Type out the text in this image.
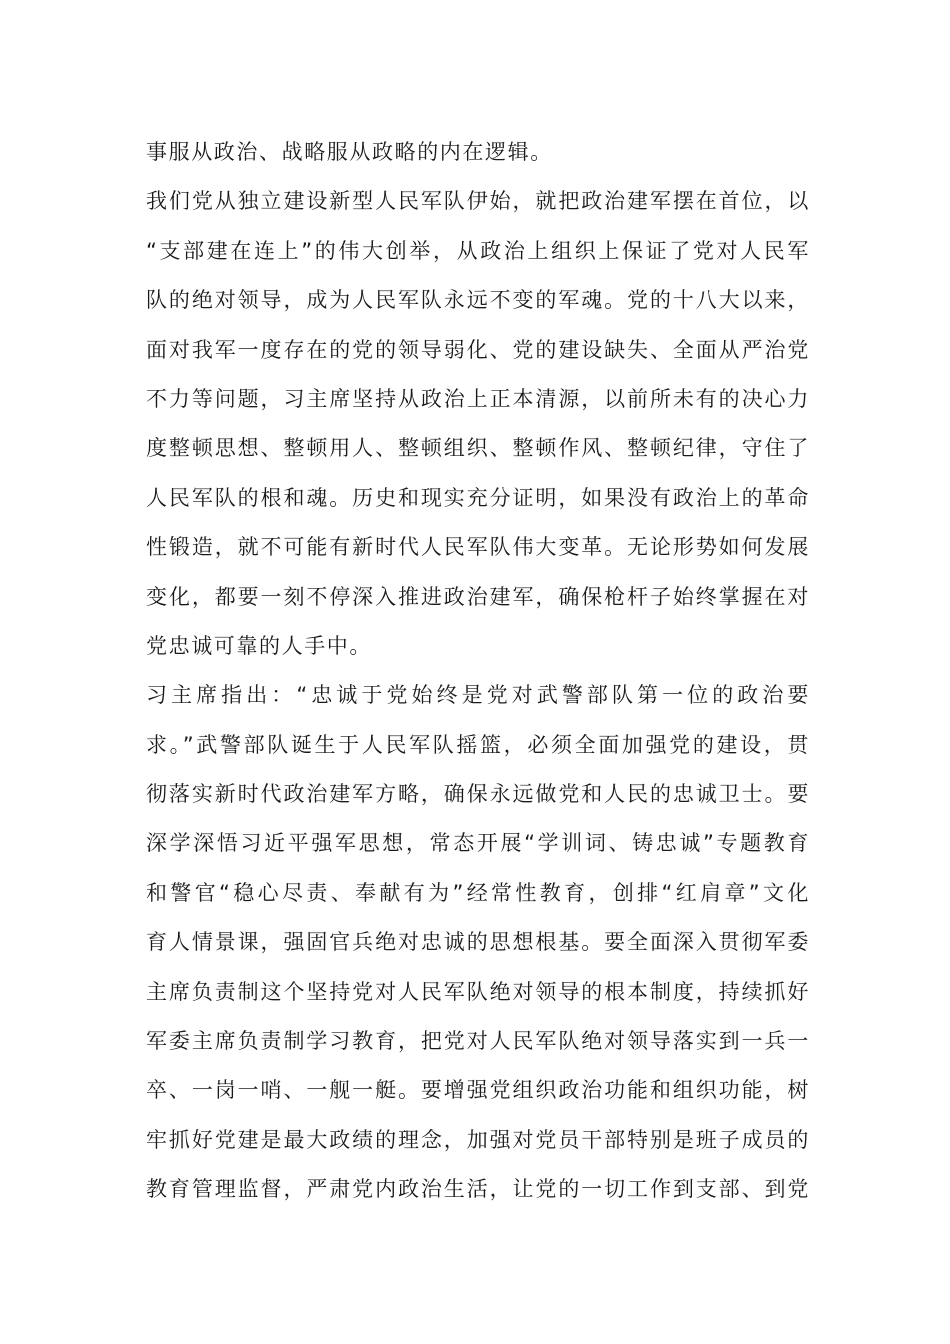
事服从政治、战略服从政略的内在逻辑。
我们党从独立建设新型人民军队伊始，就把政治建军摆在首位，以
“支部建在连上”的伟大创举，从政治上组织上保证了党对人民军
队的绝对领导，成为人民军队永远不变的军魂。党的十八大以来，
面对我军一度存在的党的领导弱化、党的建设缺失、全面从严治党
不力等问题，习主席坚持从政治上正本清源，以前所未有的决心力
度整顿思想、整顿用人、整顿组织、整顿作风、整顿纪律，守住了
人民军队的根和魂。历史和现实充分证明，如果没有政治上的革命
性锻造，就不可能有新时代人民军队伟大变革。无论形势如何发展
变化，都要一刻不停深入推进政治建军，确保枪杆子始终掌握在对
党忠诚可靠的人手中。
习主席指出：“忠诚于党始终是党对武警部队第一位的政治要
求。”武警部队诞生于人民军队摇篮，必须全面加强党的建设，贯
彻落实新时代政治建军方略，确保永远做党和人民的忠诚卫士。要
深学深悟习近平强军思想，常态开展“学训词、铸忠诚”专题教育
和警官“稳心尽责、奉献有为”经常性教育，创排“红肩章”文化
育人情景课，强固官兵绝对忠诚的思想根基。要全面深入贯彻军委
主席负责制这个坚持党对人民军队绝对领导的根本制度，持续抓好
军委主席负责制学习教育，把党对人民军队绝对领导落实到一兵一
卒、一岗一哨、一舰一艇。要增强党组织政治功能和组织功能，树
牢抓好党建是最大政绩的理念，加强对党员干部特别是班子成员的
教育管理监督，严肃党内政治生活，让党的一切工作到支部、到党
